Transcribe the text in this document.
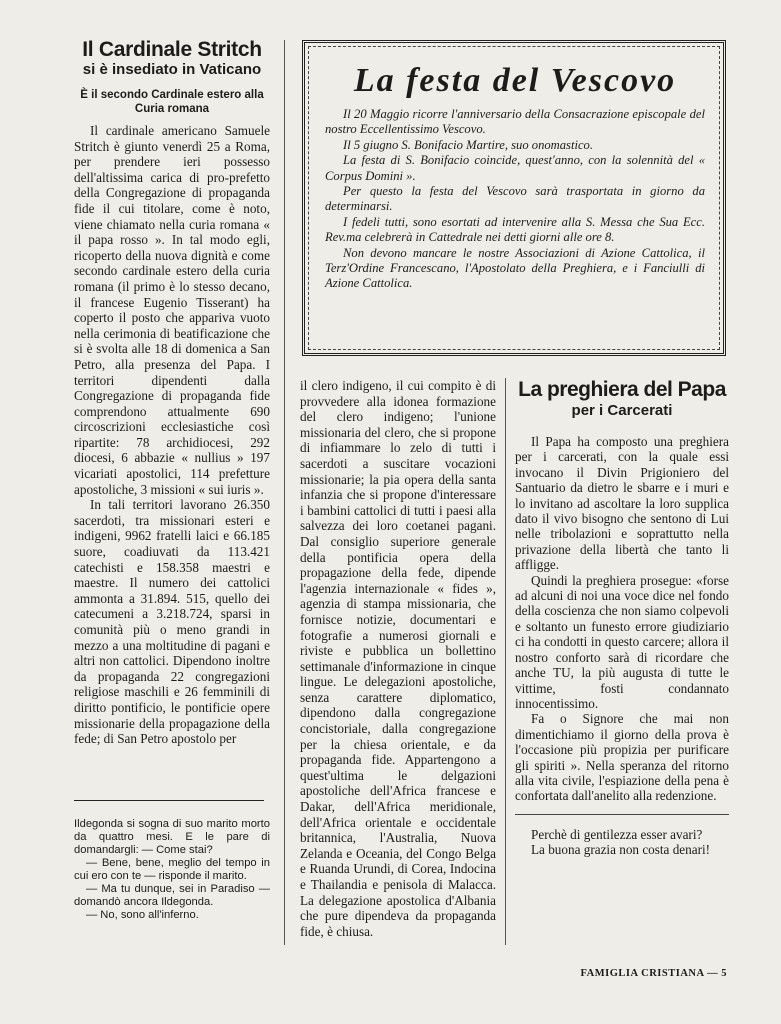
Il Cardinale Stritch
si è insediato in Vaticano
È il secondo Cardinale estero alla Curia romana

Il cardinale americano Samuele Stritch è giunto venerdì 25 a Roma, per prendere ieri possesso dell'altissima carica di pro-prefetto della Congregazione di propaganda fide il cui titolare, come è noto, viene chiamato nella curia romana « il papa rosso ». In tal modo egli, ricoperto della nuova dignità e come secondo cardinale estero della curia romana (il primo è lo stesso decano, il francese Eugenio Tisserant) ha coperto il posto che appariva vuoto nella cerimonia di beatificazione che si è svolta alle 18 di domenica a San Petro, alla presenza del Papa. I territori dipendenti dalla Congregazione di propaganda fide comprendono attualmente 690 circoscrizioni ecclesiastiche così ripartite: 78 archidiocesi, 292 diocesi, 6 abbazie « nullius » 197 vicariati apostolici, 114 prefetture apostoliche, 3 missioni « sui iuris ».

In tali territori lavorano 26.350 sacerdoti, tra missionari esteri e indigeni, 9962 fratelli laici e 66.185 suore, coadiuvati da 113.421 catechisti e 158.358 maestri e maestre. Il numero dei cattolici ammonta a 31.894. 515, quello dei catecumeni a 3.218.724, sparsi in comunità più o meno grandi in mezzo a una moltitudine di pagani e altri non cattolici. Dipendono inoltre da propaganda 22 congregazioni religiose maschili e 26 femminili di diritto pontificio, le pontificie opere missionarie della propagazione della fede; di San Petro apostolo per

Ildegonda si sogna di suo marito morto da quattro mesi. E le pare di domandargli: — Come stai?

— Bene, bene, meglio del tempo in cui ero con te — risponde il marito.

— Ma tu dunque, sei in Paradiso — domandò ancora Ildegonda.

— No, sono all'inferno.

La festa del Vescovo

Il 20 Maggio ricorre l'anniversario della Consacrazione episcopale del nostro Eccellentissimo Vescovo.

Il 5 giugno S. Bonifacio Martire, suo onomastico.

La festa di S. Bonifacio coincide, quest'anno, con la solennità del « Corpus Domini ».

Per questo la festa del Vescovo sarà trasportata in giorno da determinarsi.

I fedeli tutti, sono esortati ad intervenire alla S. Messa che Sua Ecc. Rev.ma celebrerà in Cattedrale nei detti giorni alle ore 8.

Non devono mancare le nostre Associazioni di Azione Cattolica, il Terz'Ordine Francescano, l'Apostolato della Preghiera, e i Fanciulli di Azione Cattolica.

il clero indigeno, il cui compito è di provvedere alla idonea formazione del clero indigeno; l'unione missionaria del clero, che si propone di infiammare lo zelo di tutti i sacerdoti a suscitare vocazioni missionarie; la pia opera della santa infanzia che si propone d'interessare i bambini cattolici di tutti i paesi alla salvezza dei loro coetanei pagani. Dal consiglio superiore generale della pontificia opera della propagazione della fede, dipende l'agenzia internazionale « fides », agenzia di stampa missionaria, che fornisce notizie, documentari e fotografie a numerosi giornali e riviste e pubblica un bollettino settimanale d'informazione in cinque lingue. Le delegazioni apostoliche, senza carattere diplomatico, dipendono dalla congregazione concistoriale, dalla congregazione per la chiesa orientale, e da propaganda fide. Appartengono a quest'ultima le delgazioni apostoliche dell'Africa francese e Dakar, dell'Africa meridionale, dell'Africa orientale e occidentale britannica, l'Australia, Nuova Zelanda e Oceania, del Congo Belga e Ruanda Urundi, di Corea, Indocina e Thailandia e penisola di Malacca. La delegazione apostolica d'Albania che pure dipendeva da propaganda fide, è chiusa.

La preghiera del Papa
per i Carcerati

Il Papa ha composto una preghiera per i carcerati, con la quale essi invocano il Divin Prigioniero del Santuario da dietro le sbarre e i muri e lo invitano ad ascoltare la loro supplica dato il vivo bisogno che sentono di Lui nelle tribolazioni e soprattutto nella privazione della libertà che tanto li affligge.

Quindi la preghiera prosegue: «forse ad alcuni di noi una voce dice nel fondo della coscienza che non siamo colpevoli e soltanto un funesto errore giudiziario ci ha condotti in questo carcere; allora il nostro conforto sarà di ricordare che anche TU, la più augusta di tutte le vittime, fosti condannato innocentissimo.

Fa o Signore che mai non dimentichiamo il giorno della prova è l'occasione più propizia per purificare gli spiriti ». Nella speranza del ritorno alla vita civile, l'espiazione della pena è confortata dall'anelito alla redenzione.

Perchè di gentilezza esser avari?

La buona grazia non costa denari!

FAMIGLIA CRISTIANA — 5
